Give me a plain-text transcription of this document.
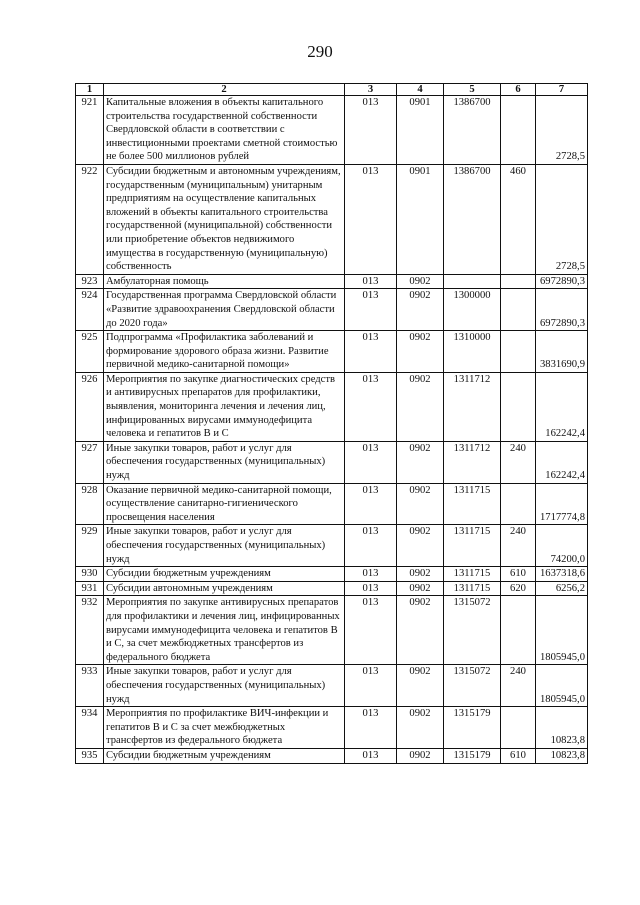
290
1	2	3	4	5	6	7
921	Капитальные вложения в объекты капитального строительства государственной собственности Свердловской области в соответствии с инвестиционными проектами сметной стоимостью не более 500 миллионов рублей	013	0901	1386700		2728,5
922	Субсидии бюджетным и автономным учреждениям, государственным (муниципальным) унитарным предприятиям на осуществление капитальных вложений в объекты капитального строительства государственной (муниципальной) собственности или приобретение объектов недвижимого имущества в государственную (муниципальную) собственность	013	0901	1386700	460	2728,5
923	Амбулаторная помощь	013	0902			6972890,3
924	Государственная программа Свердловской области «Развитие здравоохранения Свердловской области до 2020 года»	013	0902	1300000		6972890,3
925	Подпрограмма «Профилактика заболеваний и формирование здорового образа жизни. Развитие первичной медико-санитарной помощи»	013	0902	1310000		3831690,9
926	Мероприятия по закупке диагностических средств и антивирусных препаратов для профилактики, выявления, мониторинга лечения и лечения лиц, инфицированных вирусами иммунодефицита человека и гепатитов В и С	013	0902	1311712		162242,4
927	Иные закупки товаров, работ и услуг для обеспечения государственных (муниципальных) нужд	013	0902	1311712	240	162242,4
928	Оказание первичной медико-санитарной помощи, осуществление санитарно-гигиенического просвещения населения	013	0902	1311715		1717774,8
929	Иные закупки товаров, работ и услуг для обеспечения государственных (муниципальных) нужд	013	0902	1311715	240	74200,0
930	Субсидии бюджетным учреждениям	013	0902	1311715	610	1637318,6
931	Субсидии автономным учреждениям	013	0902	1311715	620	6256,2
932	Мероприятия по закупке антивирусных препаратов для профилактики и лечения лиц, инфицированных вирусами иммунодефицита человека и гепатитов В и С, за счет межбюджетных трансфертов из федерального бюджета	013	0902	1315072		1805945,0
933	Иные закупки товаров, работ и услуг для обеспечения государственных (муниципальных) нужд	013	0902	1315072	240	1805945,0
934	Мероприятия по профилактике ВИЧ-инфекции и гепатитов В и С за счет межбюджетных трансфертов из федерального бюджета	013	0902	1315179		10823,8
935	Субсидии бюджетным учреждениям	013	0902	1315179	610	10823,8
